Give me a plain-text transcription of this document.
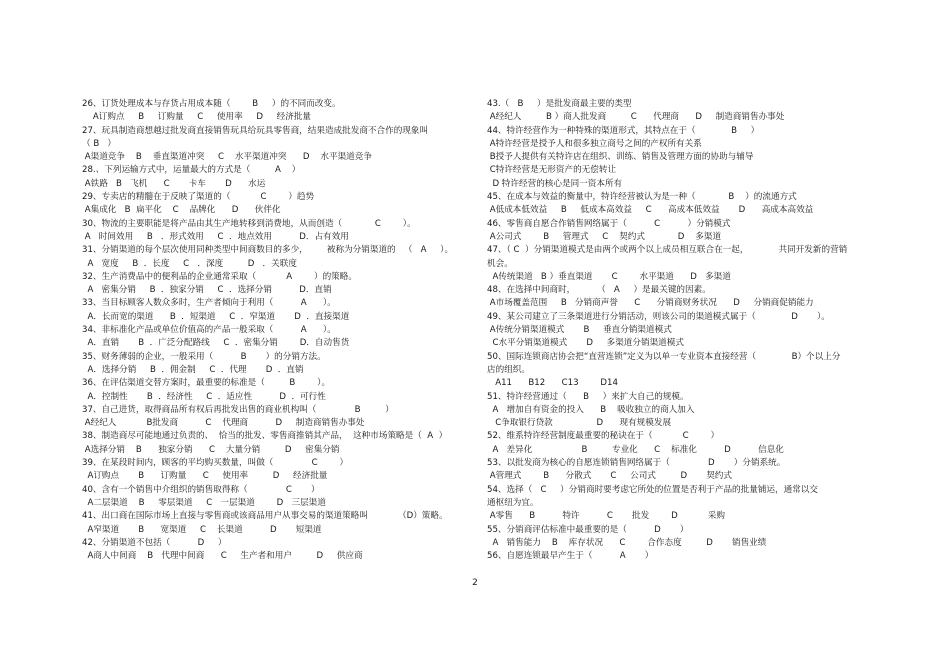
26、订货处理成本与存货占用成本随（        B     ）的不同而改变。
A订购点     B     订购量     C     使用率     D     经济批量
27、玩具制造商想越过批发商直接销售玩具给玩具零售商，结果造成批发商不合作的现象叫
（ B   ）
A渠道竞争    B    垂直渠道冲突     C    水平渠道冲突      D    水平渠道竞争
28.、下列运输方式中，运量最大的方式是（         A    ）
A铁路   B   飞机      C       卡车       D      水运
29、专卖店的精髓在于反映了渠道的（           C        ）趋势
A集成化   B  扁平化    C    品牌化      D      伙伴化
30、物流的主要职能是将产品由其生产地转移到消费地，从而创造（            C        ）。
A   时间效用     B   ．形式效用     C  ．地点效用          D．占有效用
31、分销渠道的每个层次使用同种类型中间商数目的多少，       被称为分销渠道的   （   A     ）。
A   宽度     B  ．长度     C   ．深度         D   ．关联度
32、生产消费品中的便利品的企业通常采取（           A        ）的策略。
A   密集分销     B  ．独家分销     C  ．选择分销          D．直销
33、当目标顾客人数众多时，生产者倾向于利用（          A      ）。
A．长而宽的渠道      B  ．短渠道     C  ．窄渠道       D  ．直接渠道
34、非标准化产品或单位价值高的产品一般采取（          A      ）。
A．直销       B  ．广泛分配路线     C  ．密集分销        D．自动售货
35、财务薄弱的企业，一般采用（          B       ）的分销方法。
A．选择分销     B  ．佣金制     C  ．代理       D  ．直销
36、在评估渠道交替方案时，最重要的标准是（         B        ）。
A．控制性       B  ．经济性     C  ．适应性          D  ．可行性
37、自己进货，取得商品所有权后再批发出售的商业机构叫（              B         ）
A经纪人           B批发商          C    代理商          D     制造商销售办事处
38、制造商尽可能地通过负责的、  恰当的批发、零售商推销其产品，  这种市场策略是（  A  ）
A选择分销    B      独家分销      C    大量分销         D     密集分销
39、在某段时间内，顾客的平均购买数量，叫做（              C        ）
A订购点       B      订购量      C     使用率         D     经济批量
40、含有一个销售中介组织的销售取得称（              C       ）
A二层渠道    B     零层渠道     C   一层渠道        D   三层渠道
41、出口商在国际市场上直接与零售商或该商品用户从事交易的渠道策略叫           （D）策略。
A窄渠道       B      宽渠道     C    长渠道          D       短渠道
42、分销渠道不包括（          D     ）
A商人中间商    B   代理中间商      C     生产者和用户         D     供应商
43.（   B     ）是批发商最主要的类型
A经纪人         B ）商人批发商         C      代理商      D     制造商销售办事处
44、特许经营作为一种特殊的渠道形式，其特点在于（             B     ）
A特许经营是授予人和很多独立商号之间的产权所有关系
B授予人提供有关特许店在组织、训练、销售及管理方面的协助与辅导
C特许经营是无形资产的无偿转让
D 特许经营的核心是同一资本所有
45、在成本与效益的衡量中，特许经营被认为是一种（            B    ）的流通方式
A低成本低效益     B     低成本高效益     C      高成本低效益       D      高成本高效益
46、零售商自愿合作销售网络属于（          C          ）分销模式
A公司式        B     管理式     C    契约式            D    多渠道
47、（ C  ）分销渠道模式是由两个或两个以上成员相互联合在一起，           共同开发新的营销
机会。
A传统渠道   B ）垂直渠道       C        水平渠道      D   多渠道
48、在选择中间商时，        （   A     ）是最关键的因素。
A市场覆盖范围     B   分销商声誉      C      分销商财务状况      D     分销商促销能力
49、某公司建立了三条渠道进行分销活动，则该公司的渠道模式属于（             D       ）。
A传统分销渠道模式       B     垂直分销渠道模式
C水平分销渠道模式       D     多渠道分销渠道模式
50、国际连锁商店协会把“直营连锁”定义为以单一专业资本直接经营（             B）个以上分
店的组织。
A11      B12      C13        D14
51、特许经营通过（      B     ）来扩大自己的规模。
A   增加自有资金的投入      B    吸收独立的商人加入
C争取银行贷款                D      现有规模发展
52、维系特许经营制度最重要的秘诀在于（           C        ）
A   差异化                  B         专业化      C    标准化          D          信息化
53、以批发商为核心的自愿连锁销售网络属于（              D       ）分销系统。
A管理式        B      分散式       C     公司式         D       契约式
54、选择（   C     ）分销商时要考虑它所处的位置是否利于产品的批量铺运，通常以交
通枢纽为宜。
A零售      B          特许          C       批发        D           采购
55、分销商评估标准中最重要的是（          D       ）
A   销售能力    B    库存状况      C        合作态度         D       销售业绩
56、自愿连锁最早产生于（          A       ）
2
